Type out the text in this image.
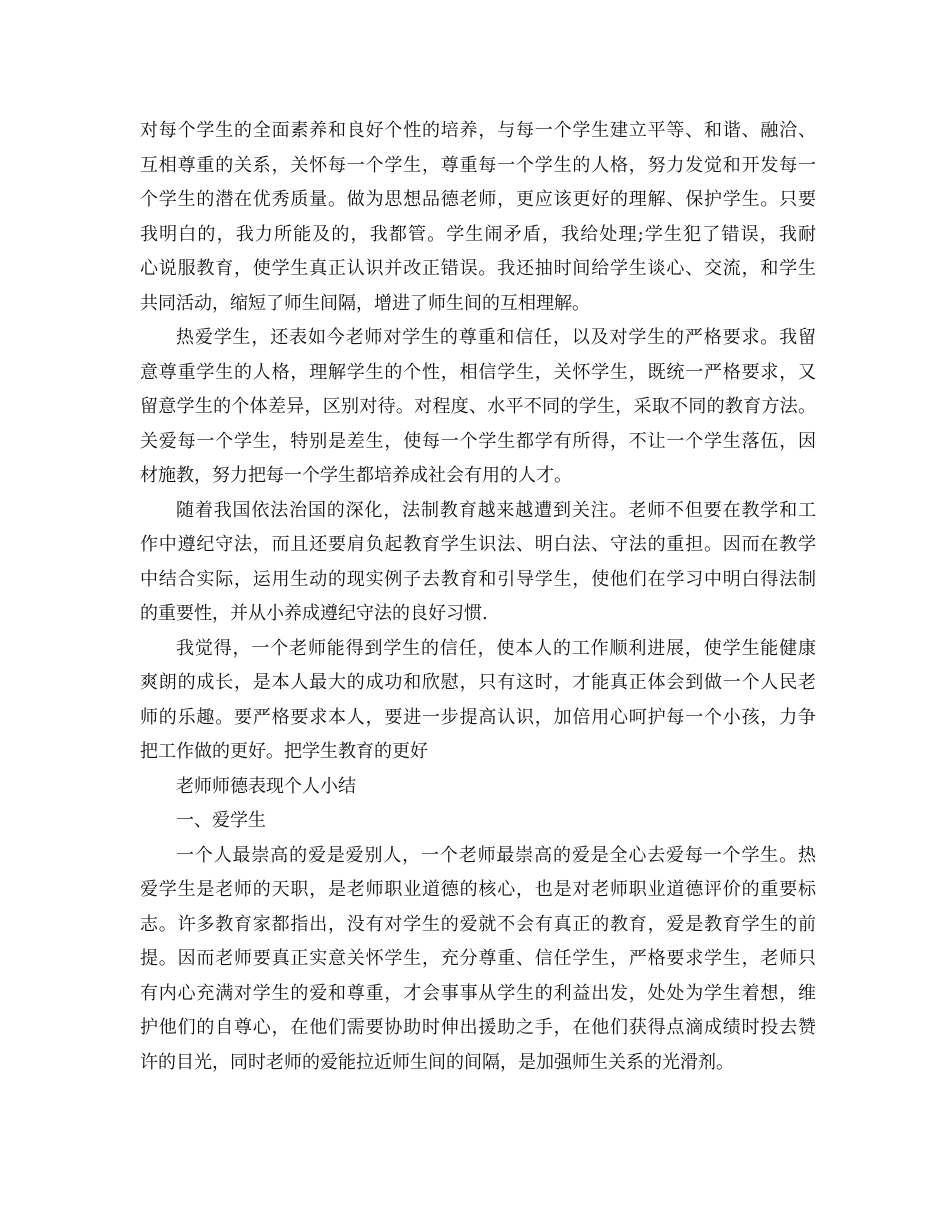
对每个学生的全面素养和良好个性的培养，与每一个学生建立平等、和谐、融洽、
互相尊重的关系，关怀每一个学生，尊重每一个学生的人格，努力发觉和开发每一
个学生的潜在优秀质量。做为思想品德老师，更应该更好的理解、保护学生。只要
我明白的，我力所能及的，我都管。学生闹矛盾，我给处理;学生犯了错误，我耐
心说服教育，使学生真正认识并改正错误。我还抽时间给学生谈心、交流，和学生
共同活动，缩短了师生间隔，增进了师生间的互相理解。
热爱学生，还表如今老师对学生的尊重和信任，以及对学生的严格要求。我留
意尊重学生的人格，理解学生的个性，相信学生，关怀学生，既统一严格要求，又
留意学生的个体差异，区别对待。对程度、水平不同的学生，采取不同的教育方法。
关爱每一个学生，特别是差生，使每一个学生都学有所得，不让一个学生落伍，因
材施教，努力把每一个学生都培养成社会有用的人才。
随着我国依法治国的深化，法制教育越来越遭到关注。老师不但要在教学和工
作中遵纪守法，而且还要肩负起教育学生识法、明白法、守法的重担。因而在教学
中结合实际，运用生动的现实例子去教育和引导学生，使他们在学习中明白得法制
的重要性，并从小养成遵纪守法的良好习惯.
我觉得，一个老师能得到学生的信任，使本人的工作顺利进展，使学生能健康
爽朗的成长，是本人最大的成功和欣慰，只有这时，才能真正体会到做一个人民老
师的乐趣。要严格要求本人，要进一步提高认识，加倍用心呵护每一个小孩，力争
把工作做的更好。把学生教育的更好
老师师德表现个人小结
一、爱学生
一个人最崇高的爱是爱别人，一个老师最崇高的爱是全心去爱每一个学生。热
爱学生是老师的天职，是老师职业道德的核心，也是对老师职业道德评价的重要标
志。许多教育家都指出，没有对学生的爱就不会有真正的教育，爱是教育学生的前
提。因而老师要真正实意关怀学生，充分尊重、信任学生，严格要求学生，老师只
有内心充满对学生的爱和尊重，才会事事从学生的利益出发，处处为学生着想，维
护他们的自尊心，在他们需要协助时伸出援助之手，在他们获得点滴成绩时投去赞
许的目光，同时老师的爱能拉近师生间的间隔，是加强师生关系的光滑剂。
